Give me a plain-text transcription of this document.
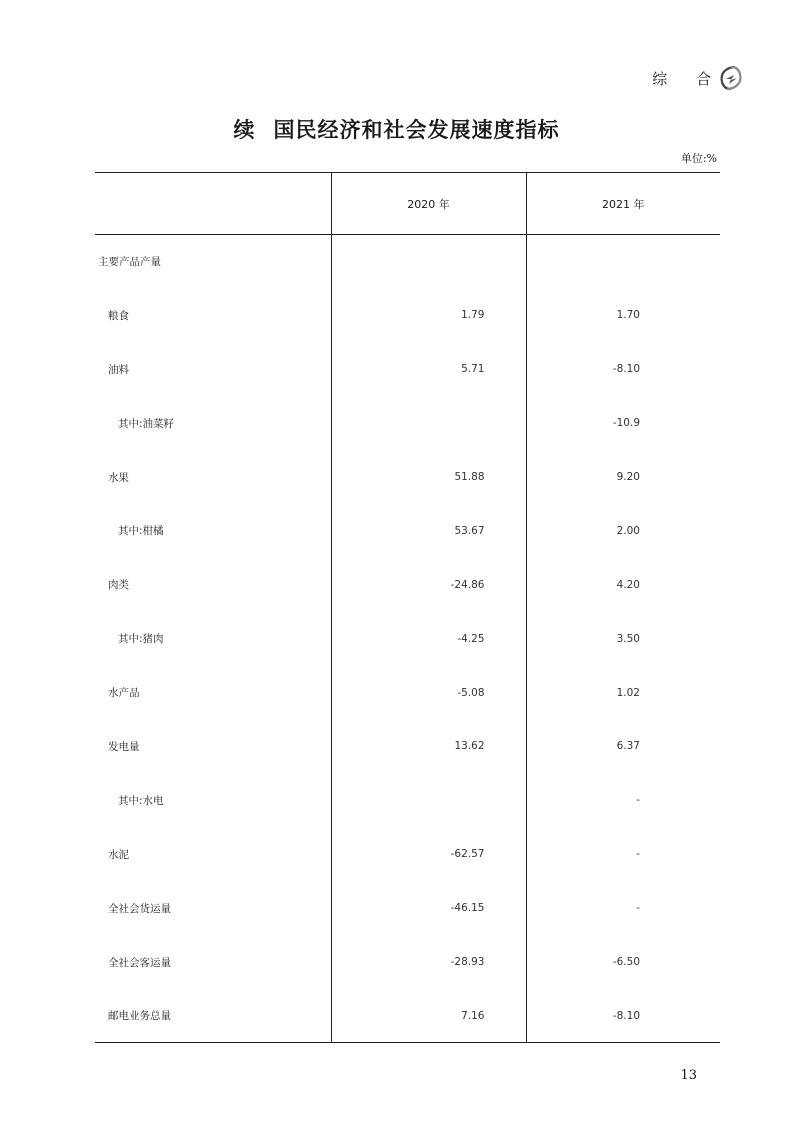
综 合
续 国民经济和社会发展速度指标
单位:%
	2020 年	2021 年
主要产品产量		
粮食	1.79	1.70
油料	5.71	-8.10
其中:油菜籽		-10.9
水果	51.88	9.20
其中:柑橘	53.67	2.00
肉类	-24.86	4.20
其中:猪肉	-4.25	3.50
水产品	-5.08	1.02
发电量	13.62	6.37
其中:水电		-
水泥	-62.57	-
全社会货运量	-46.15	-
全社会客运量	-28.93	-6.50
邮电业务总量	7.16	-8.10
13
